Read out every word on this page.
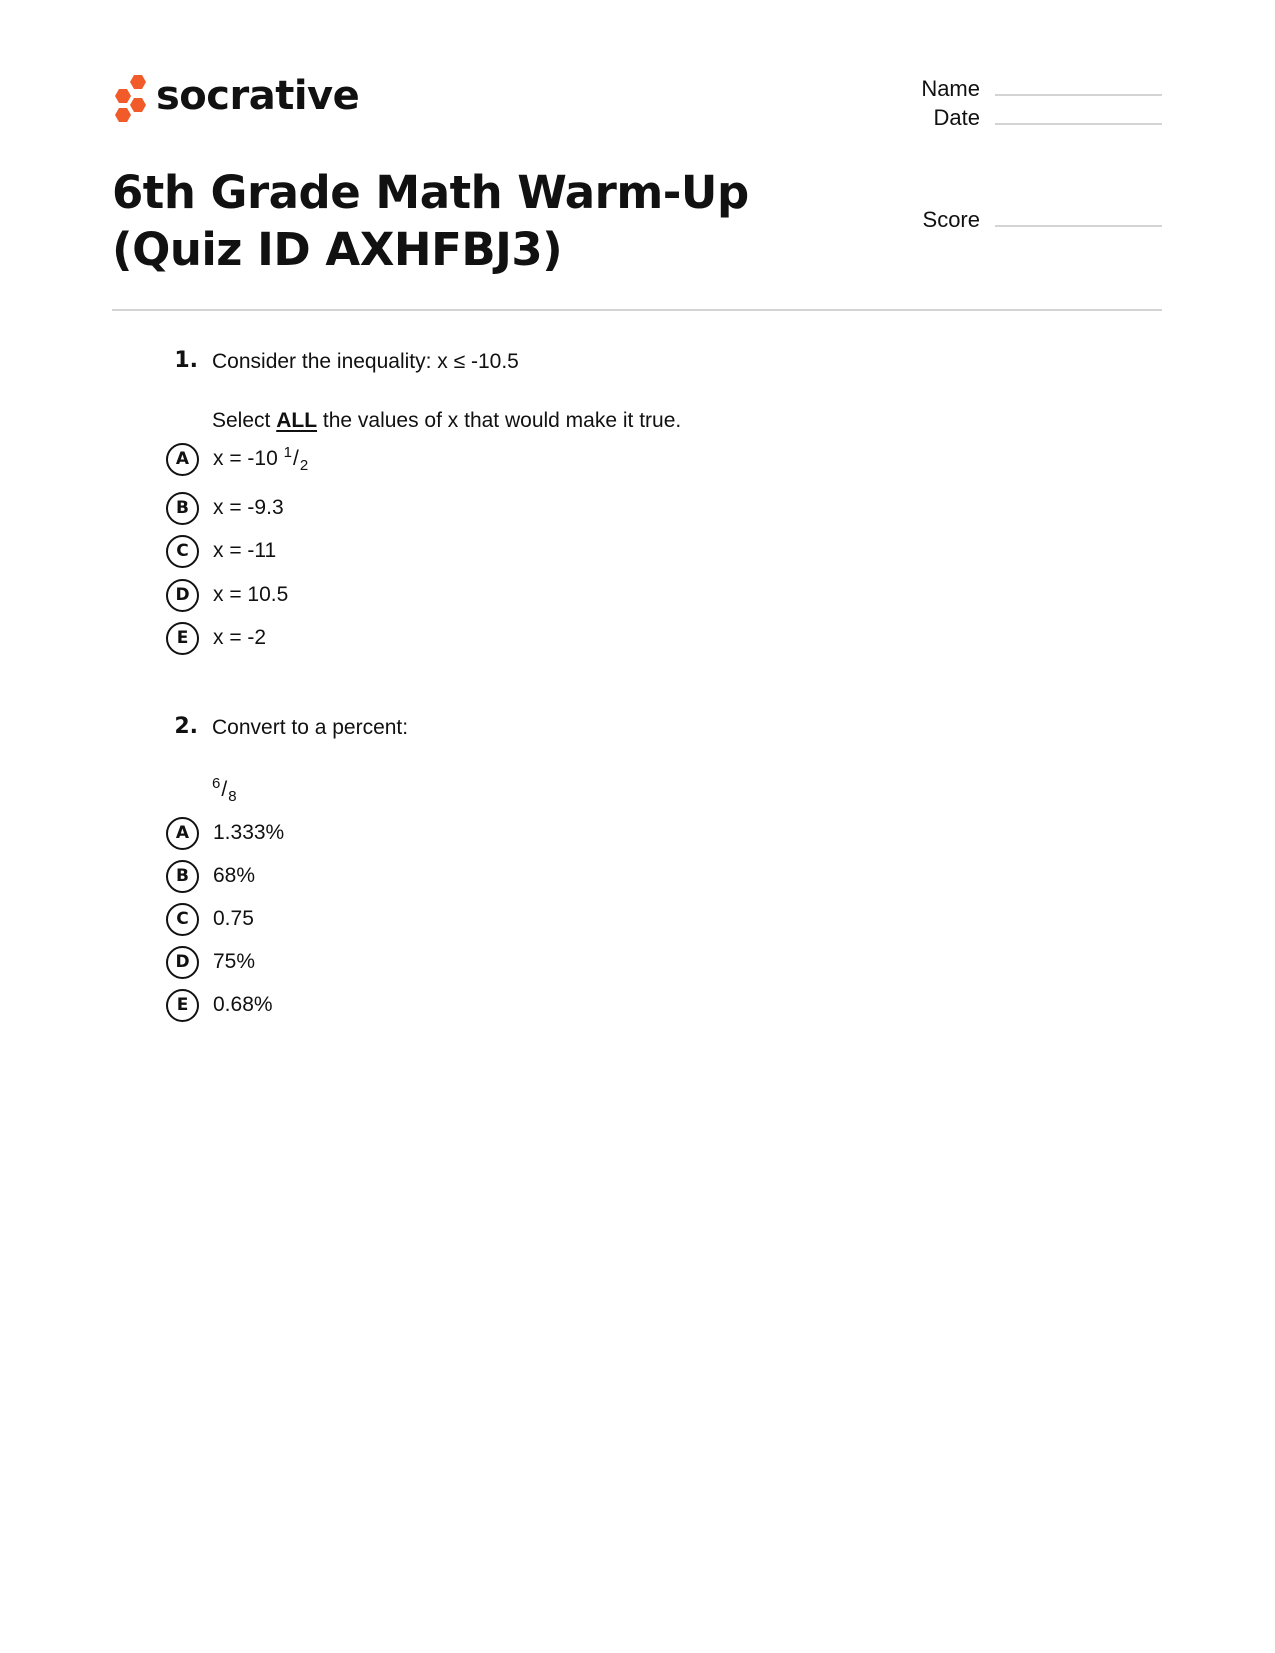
socrative	Name
Date
Score
6th Grade Math Warm-Up (Quiz ID AXHFBJ3)
1. Consider the inequality: x ≤ -10.5
Select ALL the values of x that would make it true.
A	x = -10 $^1/_2$
B	x = -9.3
C	x = -11
D	x = 10.5
E	x = -2
2. Convert to a percent:
$^6/_8$
A	1.333%
B	68%
C	0.75
D	75%
E	0.68%
